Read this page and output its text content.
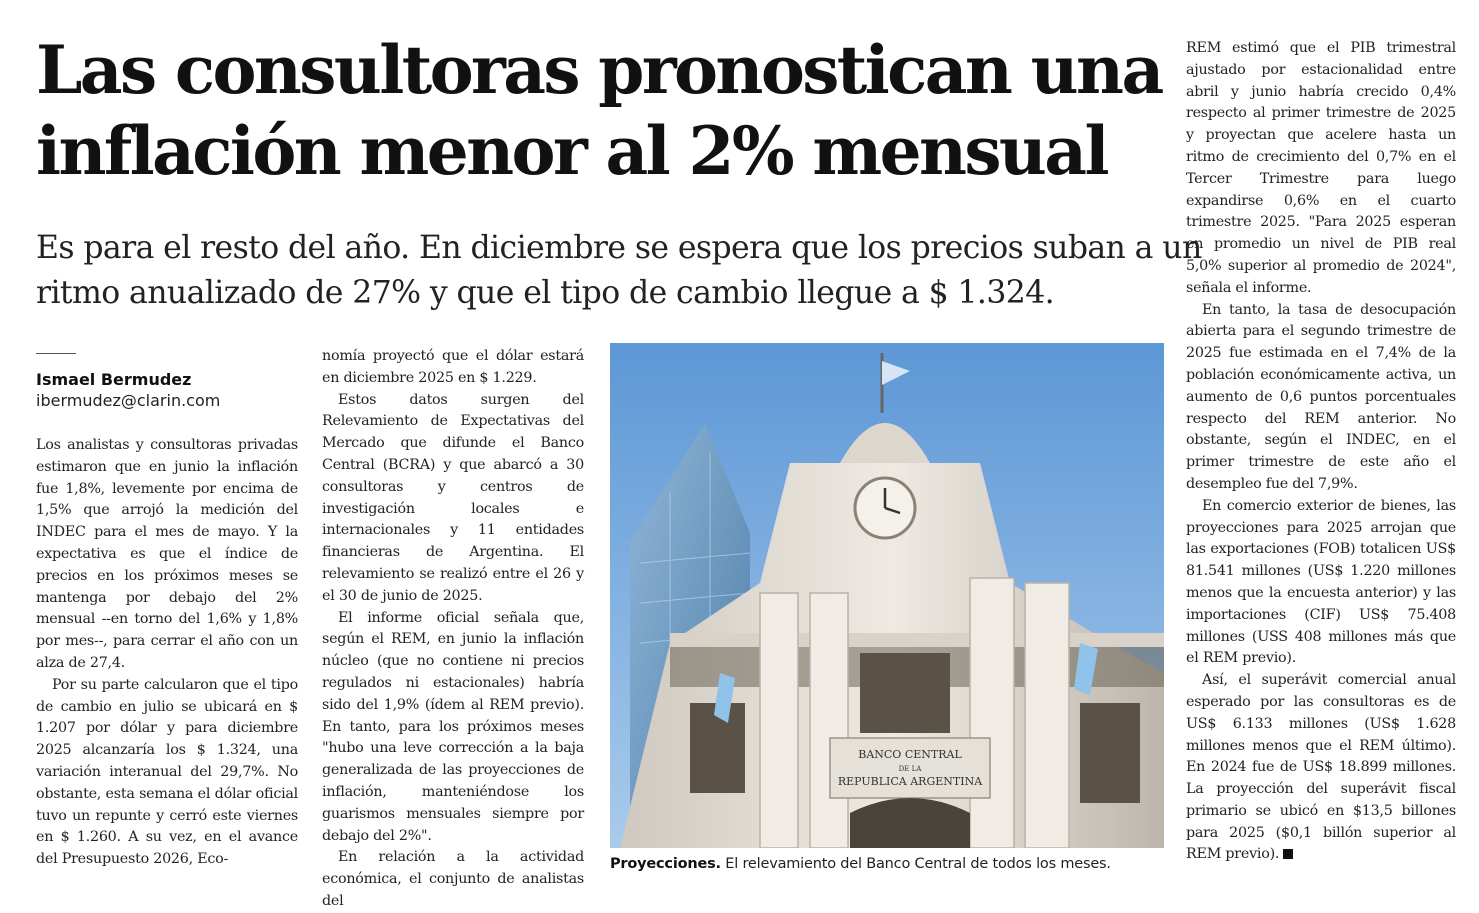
Las consultoras pronostican una
inflación menor al 2% mensual

Es para el resto del año. En diciembre se espera que los precios suban a un
ritmo anualizado de 27% y que el tipo de cambio llegue a $ 1.324.

Ismael Bermudez
ibermudez@clarin.com

Los analistas y consultoras privadas estimaron que en junio la inflación fue 1,8%, levemente por encima de 1,5% que arrojó la medición del INDEC para el mes de mayo. Y la expectativa es que el índice de precios en los próximos meses se mantenga por debajo del 2% mensual --en torno del 1,6% y 1,8% por mes--, para cerrar el año con un alza de 27,4.

Por su parte calcularon que el tipo de cambio en julio se ubicará en $ 1.207 por dólar y para diciembre 2025 alcanzaría los $ 1.324, una variación interanual del 29,7%. No obstante, esta semana el dólar oficial tuvo un repunte y cerró este viernes en $ 1.260. A su vez, en el avance del Presupuesto 2026, Eco-

nomía proyectó que el dólar estará en diciembre 2025 en $ 1.229.

Estos datos surgen del Relevamiento de Expectativas del Mercado que difunde el Banco Central (BCRA) y que abarcó a 30 consultoras y centros de investigación locales e internacionales y 11 entidades financieras de Argentina. El relevamiento se realizó entre el 26 y el 30 de junio de 2025.

El informe oficial señala que, según el REM, en junio la inflación núcleo (que no contiene ni precios regulados ni estacionales) habría sido del 1,9% (ídem al REM previo). En tanto, para los próximos meses "hubo una leve corrección a la baja generalizada de las proyecciones de inflación, manteniéndose los guarismos mensuales siempre por debajo del 2%".

En relación a la actividad económica, el conjunto de analistas del

BANCO CENTRAL
DE LA
REPUBLICA ARGENTINA
Proyecciones. El relevamiento del Banco Central de todos los meses.

REM estimó que el PIB trimestral ajustado por estacionalidad entre abril y junio habría crecido 0,4% respecto al primer trimestre de 2025 y proyectan que acelere hasta un ritmo de crecimiento del 0,7% en el Tercer Trimestre para luego expandirse 0,6% en el cuarto trimestre 2025. "Para 2025 esperan en promedio un nivel de PIB real 5,0% superior al promedio de 2024", señala el informe.

En tanto, la tasa de desocupación abierta para el segundo trimestre de 2025 fue estimada en el 7,4% de la población económicamente activa, un aumento de 0,6 puntos porcentuales respecto del REM anterior. No obstante, según el INDEC, en el primer trimestre de este año el desempleo fue del 7,9%.

En comercio exterior de bienes, las proyecciones para 2025 arrojan que las exportaciones (FOB) totalicen US$ 81.541 millones (US$ 1.220 millones menos que la encuesta anterior) y las importaciones (CIF) US$ 75.408 millones (USS 408 millones más que el REM previo).

Así, el superávit comercial anual esperado por las consultoras es de US$ 6.133 millones (US$ 1.628 millones menos que el REM último). En 2024 fue de US$ 18.899 millones. La proyección del superávit fiscal primario se ubicó en $13,5 billones para 2025 ($0,1 billón superior al REM previo).
